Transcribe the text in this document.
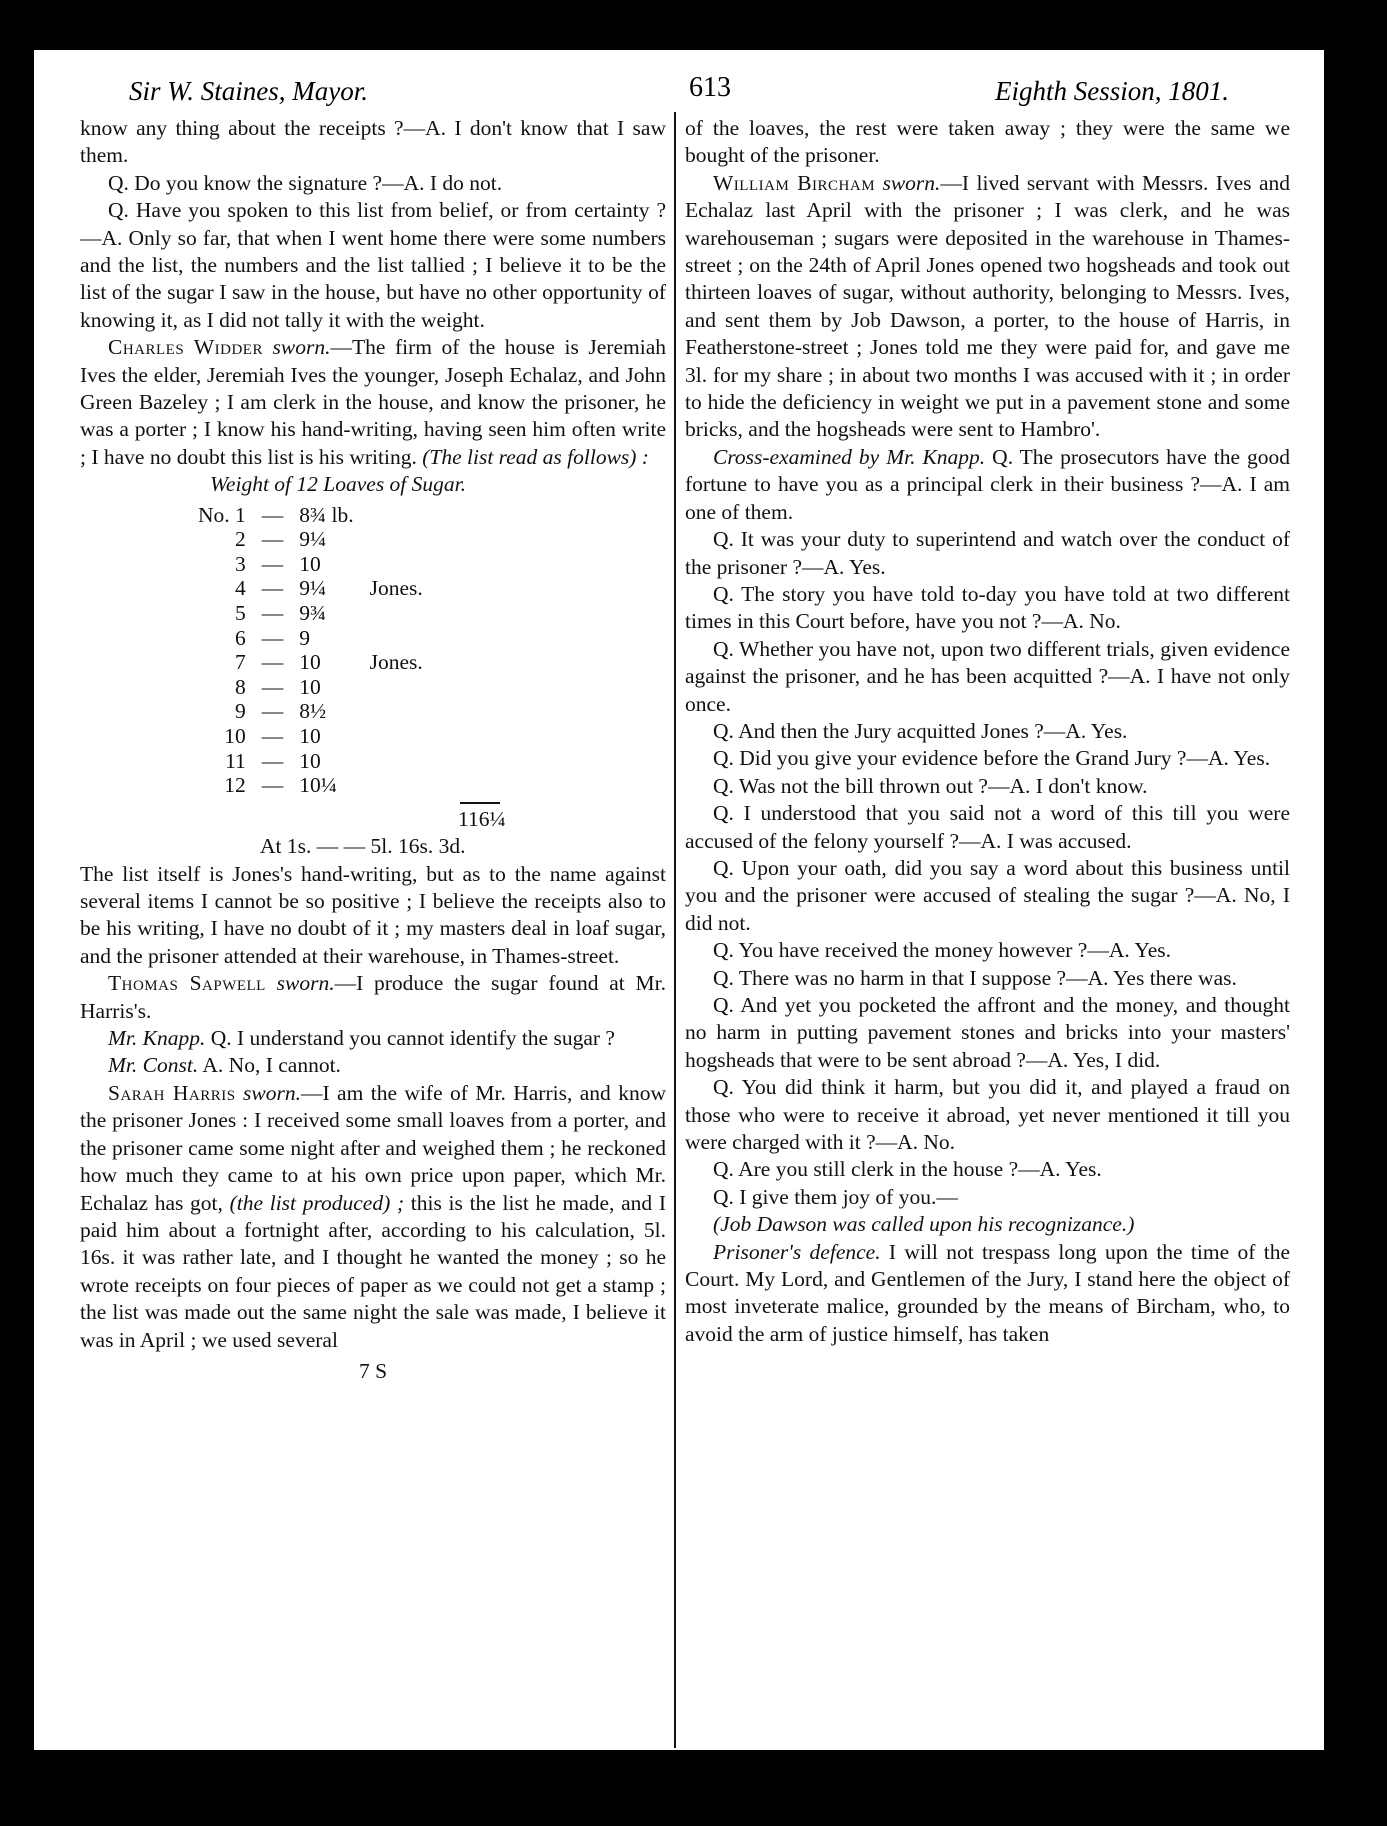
Sir W. Staines, Mayor.	613	Eighth Session, 1801.

know any thing about the receipts ?—A. I don't know that I saw them.

Q. Do you know the signature ?—A. I do not.

Q. Have you spoken to this list from belief, or from certainty ?—A. Only so far, that when I went home there were some numbers and the list, the numbers and the list tallied ; I believe it to be the list of the sugar I saw in the house, but have no other opportunity of knowing it, as I did not tally it with the weight.

Charles Widder sworn.—The firm of the house is Jeremiah Ives the elder, Jeremiah Ives the younger, Joseph Echalaz, and John Green Bazeley ; I am clerk in the house, and know the prisoner, he was a porter ; I know his hand-writing, having seen him often write ; I have no doubt this list is his writing. (The list read as follows) :

Weight of 12 Loaves of Sugar.
No. 1	—	8¾ lb.	
2	—	9¼	
3	—	10	
4	—	9¼	Jones.
5	—	9¾	
6	—	9	
7	—	10	Jones.
8	—	10	
9	—	8½	
10	—	10	
11	—	10	
12	—	10¼	
116¼
At 1s. — — 5l. 16s. 3d.

The list itself is Jones's hand-writing, but as to the name against several items I cannot be so positive ; I believe the receipts also to be his writing, I have no doubt of it ; my masters deal in loaf sugar, and the prisoner attended at their warehouse, in Thames-street.

Thomas Sapwell sworn.—I produce the sugar found at Mr. Harris's.

Mr. Knapp. Q. I understand you cannot identify the sugar ?

Mr. Const. A. No, I cannot.

Sarah Harris sworn.—I am the wife of Mr. Harris, and know the prisoner Jones : I received some small loaves from a porter, and the prisoner came some night after and weighed them ; he reckoned how much they came to at his own price upon paper, which Mr. Echalaz has got, (the list produced) ; this is the list he made, and I paid him about a fortnight after, according to his calculation, 5l. 16s. it was rather late, and I thought he wanted the money ; so he wrote receipts on four pieces of paper as we could not get a stamp ; the list was made out the same night the sale was made, I believe it was in April ; we used several

7 S

of the loaves, the rest were taken away ; they were the same we bought of the prisoner.

William Bircham sworn.—I lived servant with Messrs. Ives and Echalaz last April with the prisoner ; I was clerk, and he was warehouseman ; sugars were deposited in the warehouse in Thames-street ; on the 24th of April Jones opened two hogsheads and took out thirteen loaves of sugar, without authority, belonging to Messrs. Ives, and sent them by Job Dawson, a porter, to the house of Harris, in Featherstone-street ; Jones told me they were paid for, and gave me 3l. for my share ; in about two months I was accused with it ; in order to hide the deficiency in weight we put in a pavement stone and some bricks, and the hogsheads were sent to Hambro'.

Cross-examined by Mr. Knapp. Q. The prosecutors have the good fortune to have you as a principal clerk in their business ?—A. I am one of them.

Q. It was your duty to superintend and watch over the conduct of the prisoner ?—A. Yes.

Q. The story you have told to-day you have told at two different times in this Court before, have you not ?—A. No.

Q. Whether you have not, upon two different trials, given evidence against the prisoner, and he has been acquitted ?—A. I have not only once.

Q. And then the Jury acquitted Jones ?—A. Yes.

Q. Did you give your evidence before the Grand Jury ?—A. Yes.

Q. Was not the bill thrown out ?—A. I don't know.

Q. I understood that you said not a word of this till you were accused of the felony yourself ?—A. I was accused.

Q. Upon your oath, did you say a word about this business until you and the prisoner were accused of stealing the sugar ?—A. No, I did not.

Q. You have received the money however ?—A. Yes.

Q. There was no harm in that I suppose ?—A. Yes there was.

Q. And yet you pocketed the affront and the money, and thought no harm in putting pavement stones and bricks into your masters' hogsheads that were to be sent abroad ?—A. Yes, I did.

Q. You did think it harm, but you did it, and played a fraud on those who were to receive it abroad, yet never mentioned it till you were charged with it ?—A. No.

Q. Are you still clerk in the house ?—A. Yes.

Q. I give them joy of you.—

(Job Dawson was called upon his recognizance.)

Prisoner's defence. I will not trespass long upon the time of the Court. My Lord, and Gentlemen of the Jury, I stand here the object of most inveterate malice, grounded by the means of Bircham, who, to avoid the arm of justice himself, has taken
